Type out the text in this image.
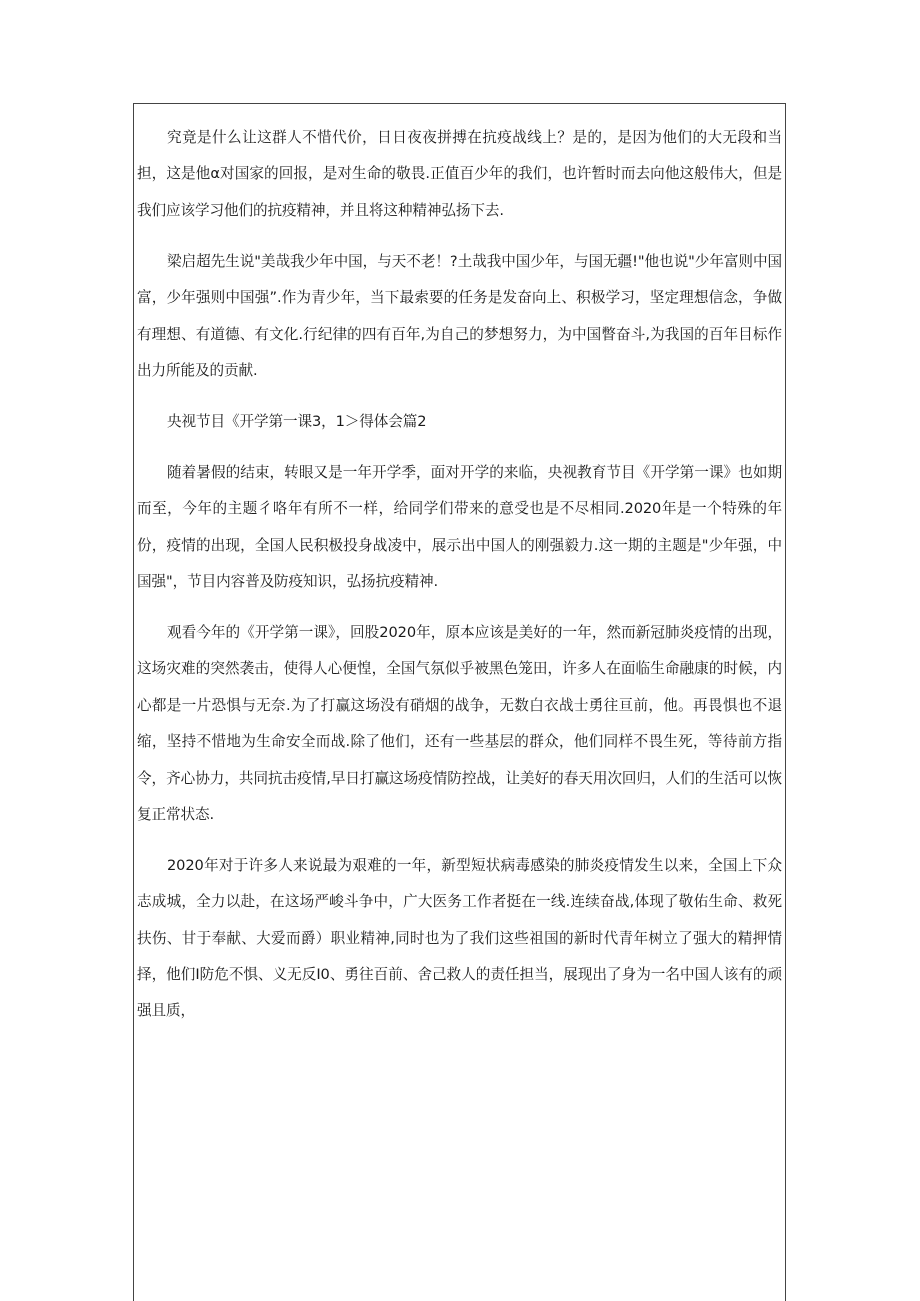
究竟是什么让这群人不惜代价，日日夜夜拼搏在抗疫战线上？是的，是因为他们的大无段和当担，这是他α对国家的回报，是对生命的敬畏.正值百少年的我们，也许暂时而去向他这般伟大，但是我们应该学习他们的抗疫精神，并且将这种精神弘扬下去.

梁启超先生说"美哉我少年中国，与天不老！?土哉我中国少年，与国无疆!"他也说"少年富则中国富，少年强则中国强”.作为青少年，当下最索要的任务是发奋向上、积极学习，坚定理想信念，争做有理想、有道德、有文化.行纪律的四有百年,为自己的梦想努力，为中国瞥奋斗,为我国的百年目标作出力所能及的贡献.

央视节目《开学第一课3，1＞得体会篇2

随着暑假的结束，转眼又是一年开学季，面对开学的来临，央视教育节目《开学第一课》也如期而至，今年的主题彳咯年有所不一样，给同学们带来的意受也是不尽相同.2020年是一个特殊的年份，疫情的出现，全国人民积极投身战凌中，展示出中国人的刚强毅力.这一期的主题是"少年强，中国强"，节目内容普及防疫知识，弘扬抗疫精神.

观看今年的《开学第一课》，回股2020年，原本应该是美好的一年，然而新冠肺炎疫情的出现，这场灾难的突然袭击，使得人心便惶，全国气氛似乎被黑色笼田，许多人在面临生命融康的时候，内心都是一片恐惧与无奈.为了打赢这场没有硝烟的战争，无数白衣战士勇往亘前，他。再畏惧也不退缩，坚持不惜地为生命安全而战.除了他们，还有一些基层的群众，他们同样不畏生死，等待前方指令，齐心协力，共同抗击疫情,早日打赢这场疫情防控战，让美好的春天用次回归，人们的生活可以恢复正常状态.

2020年对于许多人来说最为艰难的一年，新型短状病毒感染的肺炎疫情发生以来，全国上下众志成城，全力以赴，在这场严峻斗争中，广大医务工作者挺在一线.连续奋战,体现了敬佑生命、救死扶伤、甘于奉献、大爱而爵）职业精神,同时也为了我们这些祖国的新时代青年树立了强大的精押情择，他们I防危不惧、义无反I0、勇往百前、舍己救人的责任担当，展现出了身为一名中国人该有的顽强且质，
